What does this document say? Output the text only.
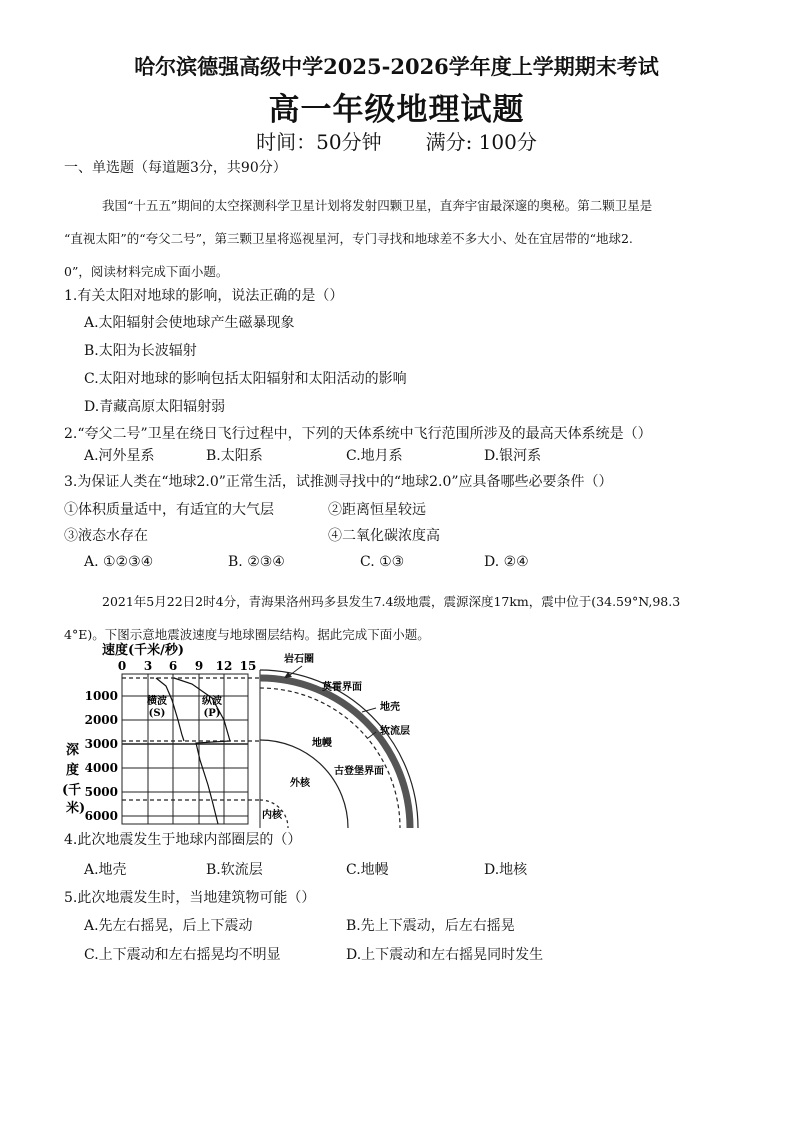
哈尔滨德强高级中学2025-2026学年度上学期期末考试
高一年级地理试题
时间：50分钟 满分: 100分
一、单选题（每道题3分，共90分）
我国“十五五”期间的太空探测科学卫星计划将发射四颗卫星，直奔宇宙最深邃的奥秘。第二颗卫星是
“直视太阳”的“夸父二号”，第三颗卫星将巡视星河，专门寻找和地球差不多大小、处在宜居带的“地球2.
0”，阅读材料完成下面小题。
1.有关太阳对地球的影响，说法正确的是（）
A.太阳辐射会使地球产生磁暴现象
B.太阳为长波辐射
C.太阳对地球的影响包括太阳辐射和太阳活动的影响
D.青藏高原太阳辐射弱
2.“夸父二号”卫星在绕日飞行过程中，下列的天体系统中飞行范围所涉及的最高天体系统是（）
A.河外星系	B.太阳系	C.地月系	D.银河系
3.为保证人类在“地球2.0”正常生活，试推测寻找中的“地球2.0”应具备哪些必要条件（）
①体积质量适中，有适宜的大气层	②距离恒星较远
③液态水存在	④二氧化碳浓度高
A. ①②③④	B. ②③④	C. ①③	D. ②④
2021年5月22日2时4分，青海果洛州玛多县发生7.4级地震，震源深度17km，震中位于(34.59°N,98.3
4°E)。下图示意地震波速度与地球圈层结构。据此完成下面小题。
速度(千米/秒)
0 3 6 9 12 15
1000
2000
3000
4000
5000
6000
深
度
(千
米)
横波
(S)
纵波
(P)
岩石圈
莫霍界面
地壳
软流层
地幔
古登堡界面
外核
内核
4.此次地震发生于地球内部圈层的（）
A.地壳	B.软流层	C.地幔	D.地核
5.此次地震发生时，当地建筑物可能（）
A.先左右摇晃，后上下震动	B.先上下震动，后左右摇晃
C.上下震动和左右摇晃均不明显	D.上下震动和左右摇晃同时发生
